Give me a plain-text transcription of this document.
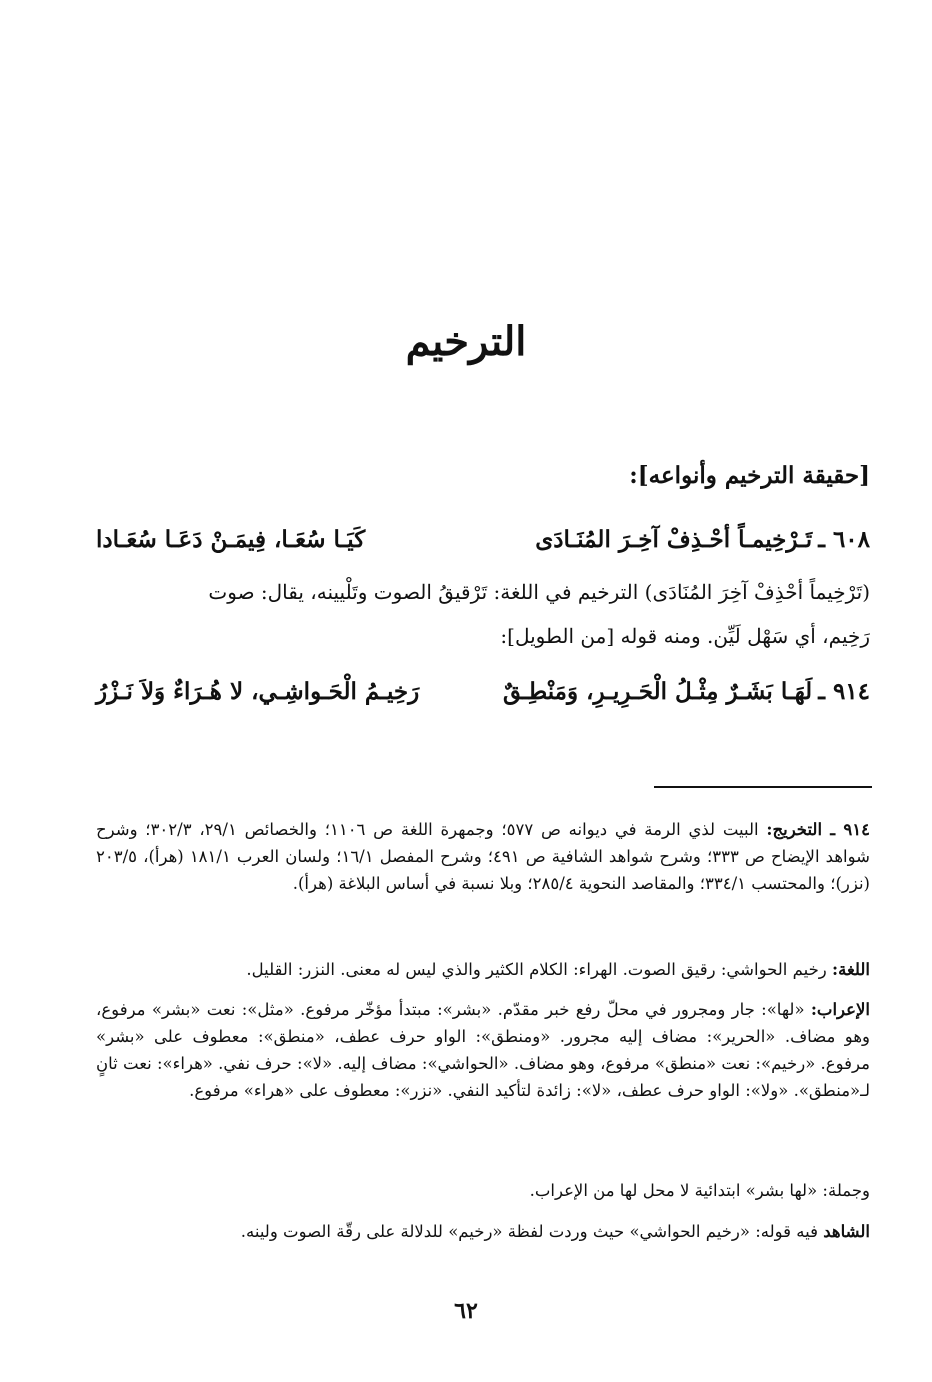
الترخيم
[حقيقة الترخيم وأنواعه]:
٦٠٨ ـ
تَـرْخِيمـاً أحْـذِفْ آخِـرَ المُنَـادَى
كَيَـا سُعَـا، فِيمَـنْ دَعَـا سُعَـادا
(تَرْخِيماً أحْذِفْ آخِرَ المُنَادَى) الترخيم في اللغة: تَرْقيقُ الصوت وتَلْيينه، يقال: صوت
رَخِيم، أي سَهْل لَيِّن. ومنه قوله [من الطويل]:
٩١٤ ـ
لَهَـا بَشَـرٌ مِثْـلُ الْحَـرِيـرِ، وَمَنْطِـقٌ
رَخِيـمُ الْحَـواشِـي، لا هُـرَاءٌ وَلاَ نَـزْرُ
٩١٤ ـ التخريج: البيت لذي الرمة في ديوانه ص ٥٧٧؛ وجمهرة اللغة ص ١١٠٦؛ والخصائص ٢٩/١، ٣٠٢/٣؛ وشرح شواهد الإيضاح ص ٣٣٣؛ وشرح شواهد الشافية ص ٤٩١؛ وشرح المفصل ١٦/١؛ ولسان العرب ١٨١/١ (هرأ)، ٢٠٣/٥ (نزر)؛ والمحتسب ٣٣٤/١؛ والمقاصد النحوية ٢٨٥/٤؛ وبلا نسبة في أساس البلاغة (هرأ).
اللغة: رخيم الحواشي: رقيق الصوت. الهراء: الكلام الكثير والذي ليس له معنى. النزر: القليل.
الإعراب: «لها»: جار ومجرور في محلّ رفع خبر مقدّم. «بشر»: مبتدأ مؤخّر مرفوع. «مثل»: نعت «بشر» مرفوع، وهو مضاف. «الحرير»: مضاف إليه مجرور. «ومنطق»: الواو حرف عطف، «منطق»: معطوف على «بشر» مرفوع. «رخيم»: نعت «منطق» مرفوع، وهو مضاف. «الحواشي»: مضاف إليه. «لا»: حرف نفي. «هراء»: نعت ثانٍ لـ«منطق». «ولا»: الواو حرف عطف، «لا»: زائدة لتأكيد النفي. «نزر»: معطوف على «هراء» مرفوع.
وجملة: «لها بشر» ابتدائية لا محل لها من الإعراب.
الشاهد فيه قوله: «رخيم الحواشي» حيث وردت لفظة «رخيم» للدلالة على رقّة الصوت ولينه.
٦٢
